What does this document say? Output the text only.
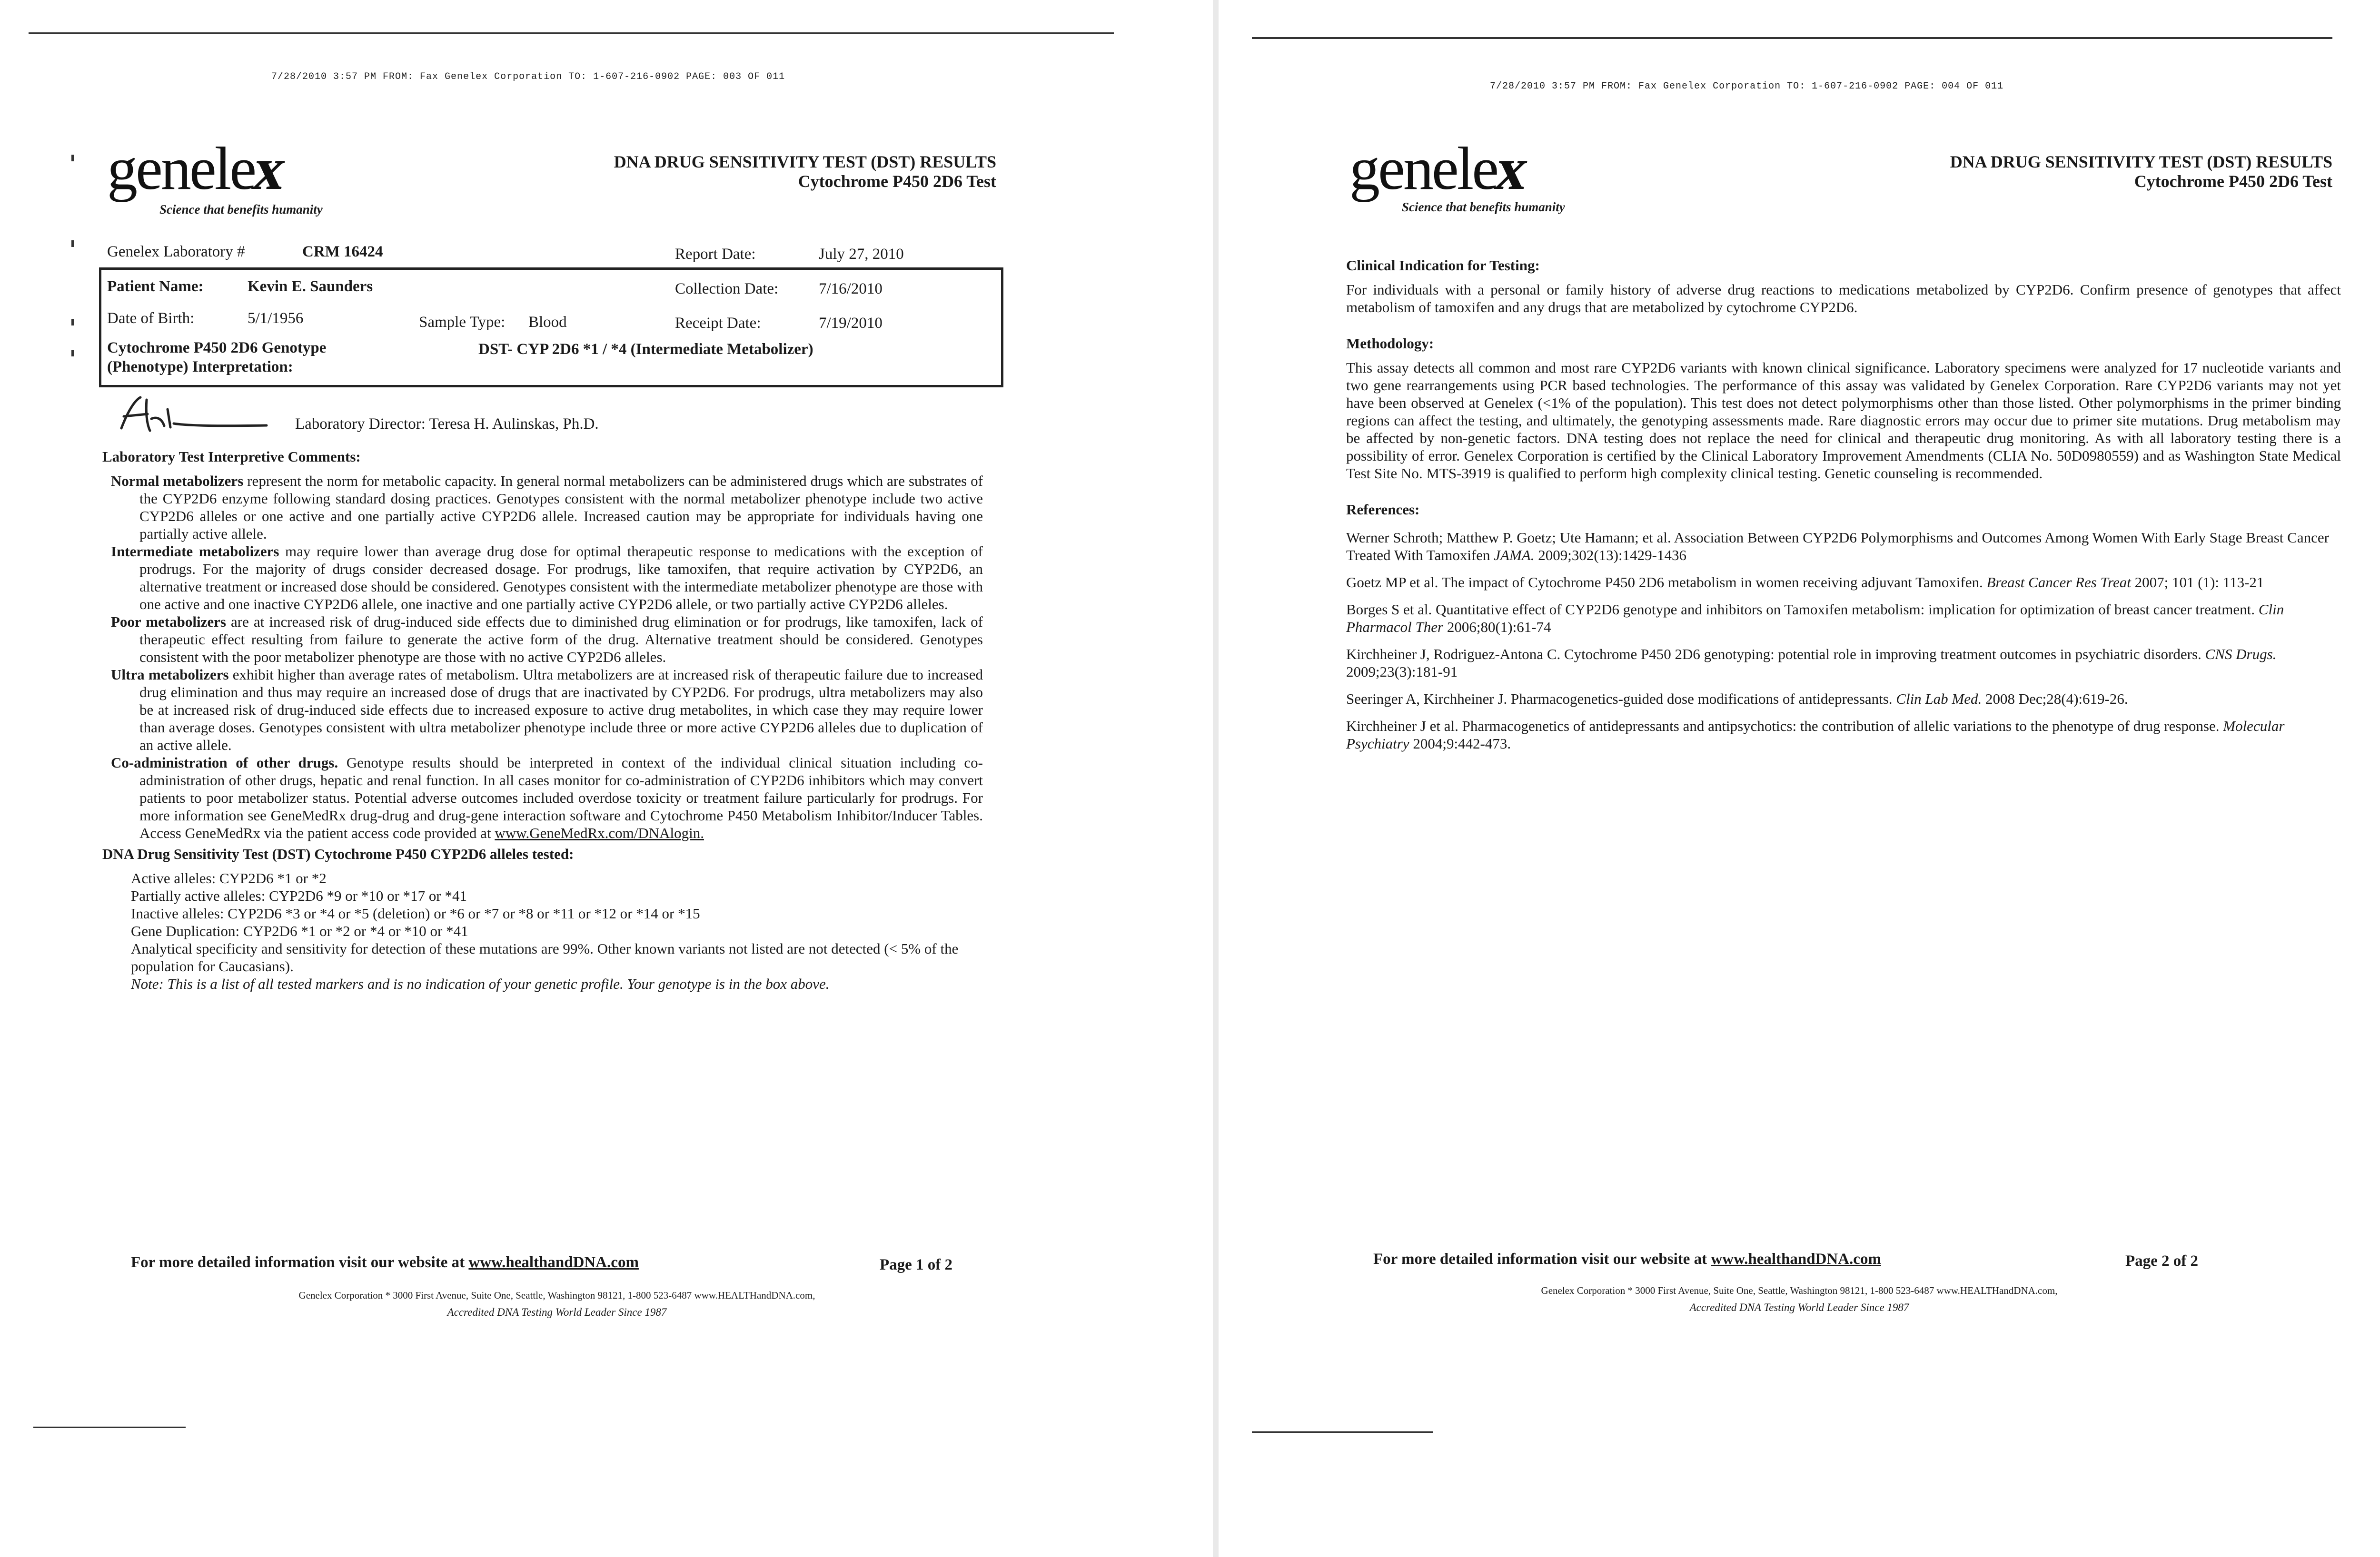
7/28/2010 3:57 PM FROM: Fax Genelex Corporation TO: 1-607-216-0902 PAGE: 003 OF 011
genelex
Science that benefits humanity
DNA DRUG SENSITIVITY TEST (DST) RESULTS
Cytochrome P450 2D6 Test
Genelex Laboratory #	CRM 16424	Report Date:	July 27, 2010
Patient Name:	Kevin E. Saunders	Collection Date:	7/16/2010
Date of Birth:	5/1/1956	Sample Type: Blood	Receipt Date:	7/19/2010
Cytochrome P450 2D6 Genotype
(Phenotype) Interpretation:
DST- CYP 2D6 *1 / *4 (Intermediate Metabolizer)
Laboratory Director: Teresa H. Aulinskas, Ph.D.
Laboratory Test Interpretive Comments:

Normal metabolizers represent the norm for metabolic capacity. In general normal metabolizers can be administered drugs which are substrates of the CYP2D6 enzyme following standard dosing practices. Genotypes consistent with the normal metabolizer phenotype include two active CYP2D6 alleles or one active and one partially active CYP2D6 allele. Increased caution may be appropriate for individuals having one partially active allele.

Intermediate metabolizers may require lower than average drug dose for optimal therapeutic response to medications with the exception of prodrugs. For the majority of drugs consider decreased dosage. For prodrugs, like tamoxifen, that require activation by CYP2D6, an alternative treatment or increased dose should be considered. Genotypes consistent with the intermediate metabolizer phenotype are those with one active and one inactive CYP2D6 allele, one inactive and one partially active CYP2D6 allele, or two partially active CYP2D6 alleles.

Poor metabolizers are at increased risk of drug-induced side effects due to diminished drug elimination or for prodrugs, like tamoxifen, lack of therapeutic effect resulting from failure to generate the active form of the drug. Alternative treatment should be considered. Genotypes consistent with the poor metabolizer phenotype are those with no active CYP2D6 alleles.

Ultra metabolizers exhibit higher than average rates of metabolism. Ultra metabolizers are at increased risk of therapeutic failure due to increased drug elimination and thus may require an increased dose of drugs that are inactivated by CYP2D6. For prodrugs, ultra metabolizers may also be at increased risk of drug-induced side effects due to increased exposure to active drug metabolites, in which case they may require lower than average doses. Genotypes consistent with ultra metabolizer phenotype include three or more active CYP2D6 alleles due to duplication of an active allele.

Co-administration of other drugs. Genotype results should be interpreted in context of the individual clinical situation including co-administration of other drugs, hepatic and renal function. In all cases monitor for co-administration of CYP2D6 inhibitors which may convert patients to poor metabolizer status. Potential adverse outcomes included overdose toxicity or treatment failure particularly for prodrugs. For more information see GeneMedRx drug-drug and drug-gene interaction software and Cytochrome P450 Metabolism Inhibitor/Inducer Tables. Access GeneMedRx via the patient access code provided at www.GeneMedRx.com/DNAlogin.

DNA Drug Sensitivity Test (DST) Cytochrome P450 CYP2D6 alleles tested:
Active alleles: CYP2D6 *1 or *2
Partially active alleles: CYP2D6 *9 or *10 or *17 or *41
Inactive alleles: CYP2D6 *3 or *4 or *5 (deletion) or *6 or *7 or *8 or *11 or *12 or *14 or *15
Gene Duplication: CYP2D6 *1 or *2 or *4 or *10 or *41

Analytical specificity and sensitivity for detection of these mutations are 99%. Other known variants not listed are not detected (< 5% of the population for Caucasians).

Note: This is a list of all tested markers and is no indication of your genetic profile. Your genotype is in the box above.
For more detailed information visit our website at www.healthandDNA.com	Page 1 of 2
Genelex Corporation * 3000 First Avenue, Suite One, Seattle, Washington 98121, 1-800 523-6487 www.HEALTHandDNA.com,
Accredited DNA Testing World Leader Since 1987
7/28/2010 3:57 PM FROM: Fax Genelex Corporation TO: 1-607-216-0902 PAGE: 004 OF 011
genelex
Science that benefits humanity
DNA DRUG SENSITIVITY TEST (DST) RESULTS
Cytochrome P450 2D6 Test
Clinical Indication for Testing:

For individuals with a personal or family history of adverse drug reactions to medications metabolized by CYP2D6. Confirm presence of genotypes that affect metabolism of tamoxifen and any drugs that are metabolized by cytochrome CYP2D6.

Methodology:

This assay detects all common and most rare CYP2D6 variants with known clinical significance. Laboratory specimens were analyzed for 17 nucleotide variants and two gene rearrangements using PCR based technologies. The performance of this assay was validated by Genelex Corporation. Rare CYP2D6 variants may not yet have been observed at Genelex (<1% of the population). This test does not detect polymorphisms other than those listed. Other polymorphisms in the primer binding regions can affect the testing, and ultimately, the genotyping assessments made. Rare diagnostic errors may occur due to primer site mutations. Drug metabolism may be affected by non-genetic factors. DNA testing does not replace the need for clinical and therapeutic drug monitoring. As with all laboratory testing there is a possibility of error. Genelex Corporation is certified by the Clinical Laboratory Improvement Amendments (CLIA No. 50D0980559) and as Washington State Medical Test Site No. MTS-3919 is qualified to perform high complexity clinical testing. Genetic counseling is recommended.

References:

Werner Schroth; Matthew P. Goetz; Ute Hamann; et al. Association Between CYP2D6 Polymorphisms and Outcomes Among Women With Early Stage Breast Cancer Treated With Tamoxifen JAMA. 2009;302(13):1429-1436

Goetz MP et al. The impact of Cytochrome P450 2D6 metabolism in women receiving adjuvant Tamoxifen. Breast Cancer Res Treat 2007; 101 (1): 113-21

Borges S et al. Quantitative effect of CYP2D6 genotype and inhibitors on Tamoxifen metabolism: implication for optimization of breast cancer treatment. Clin Pharmacol Ther 2006;80(1):61-74

Kirchheiner J, Rodriguez-Antona C. Cytochrome P450 2D6 genotyping: potential role in improving treatment outcomes in psychiatric disorders. CNS Drugs. 2009;23(3):181-91

Seeringer A, Kirchheiner J. Pharmacogenetics-guided dose modifications of antidepressants. Clin Lab Med. 2008 Dec;28(4):619-26.

Kirchheiner J et al. Pharmacogenetics of antidepressants and antipsychotics: the contribution of allelic variations to the phenotype of drug response. Molecular Psychiatry 2004;9:442-473.

For more detailed information visit our website at www.healthandDNA.com	Page 2 of 2
Genelex Corporation * 3000 First Avenue, Suite One, Seattle, Washington 98121, 1-800 523-6487 www.HEALTHandDNA.com,
Accredited DNA Testing World Leader Since 1987
